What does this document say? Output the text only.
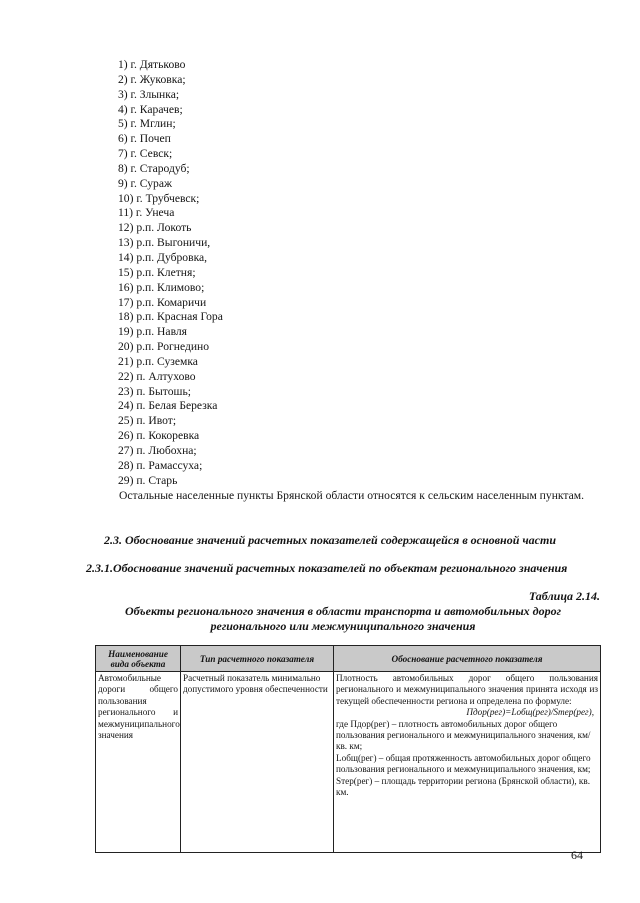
1) г. Дятьково
2) г. Жуковка;
3) г. Злынка;
4) г. Карачев;
5) г. Мглин;
6) г. Почеп
7) г. Севск;
8) г. Стародуб;
9) г. Сураж
10) г. Трубчевск;
11) г. Унеча
12) р.п. Локоть
13) р.п. Выгоничи,
14) р.п. Дубровка,
15) р.п. Клетня;
16) р.п. Климово;
17) р.п. Комаричи
18) р.п. Красная Гора
19) р.п. Навля
20) р.п. Рогнедино
21) р.п. Суземка
22) п. Алтухово
23) п. Бытошь;
24) п. Белая Березка
25) п. Ивот;
26) п. Кокоревка
27) п. Любохна;
28) п. Рамассуха;
29) п. Старь

Остальные населенные пункты Брянской области относятся к сельским населенным пунктам.

2.3. Обоснование значений расчетных показателей содержащейся в основной части
2.3.1.Обоснование значений расчетных показателей по объектам регионального значения
Таблица 2.14.
Объекты регионального значения в области транспорта и автомобильных дорог
регионального или межмуниципального значения
Наименование вида объекта	Тип расчетного показателя	Обоснование расчетного показателя
Автомобильные дороги общего пользования регионального и межмуниципального значения	Расчетный показатель минимально допустимого уровня обеспеченности	Плотность автомобильных дорог общего пользования регионального и межмуниципального значения принята исходя из текущей обеспеченности региона и определена по формуле:
Пдор(рег)=Lобщ(рег)/Sтер(рег),
где Пдор(рег) – плотность автомобильных дорог общего пользования регионального и межмуниципального значения, км/кв. км;
Lобщ(рег) – общая протяженность автомобильных дорог общего пользования регионального и межмуниципального значения, км;
Sтер(рег) – площадь территории региона (Брянской области), кв. км.
64
